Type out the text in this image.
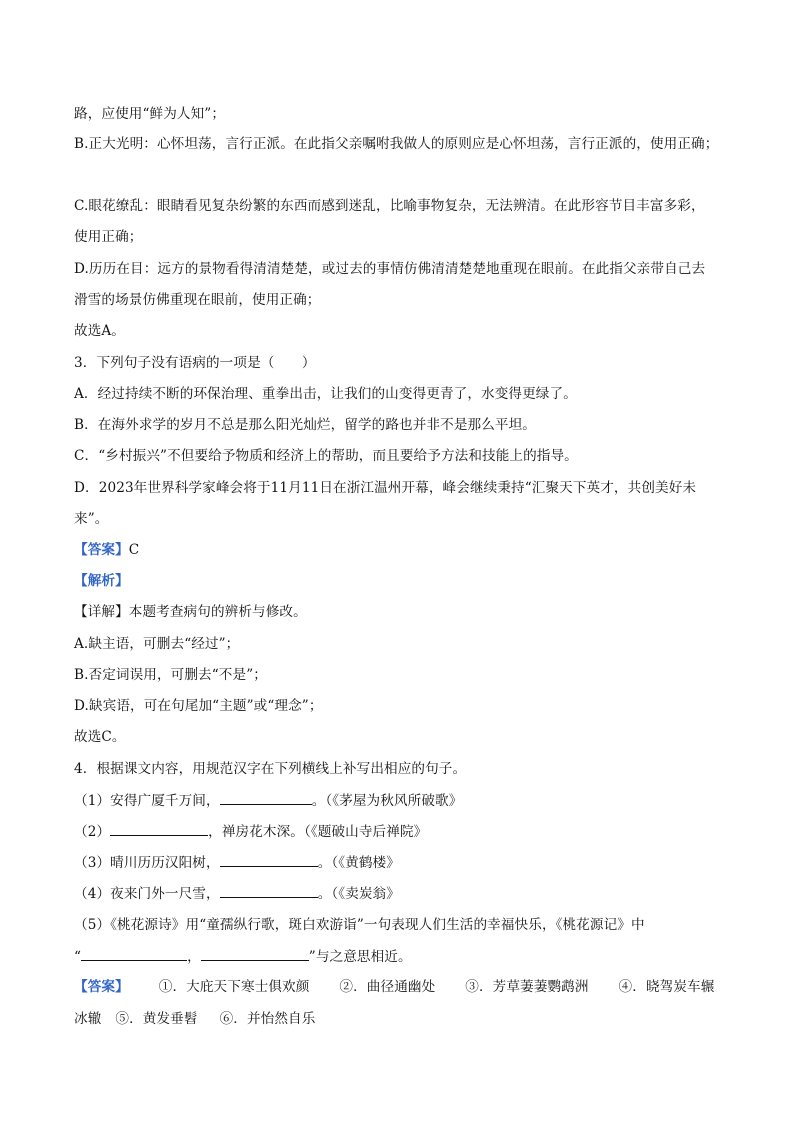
路，应使用“鲜为人知”；
B.正大光明：心怀坦荡，言行正派。在此指父亲嘱咐我做人的原则应是心怀坦荡，言行正派的，使用正确；
C.眼花缭乱：眼睛看见复杂纷繁的东西而感到迷乱，比喻事物复杂，无法辨清。在此形容节目丰富多彩，
使用正确；
D.历历在目：远方的景物看得清清楚楚，或过去的事情仿佛清清楚楚地重现在眼前。在此指父亲带自己去
滑雪的场景仿佛重现在眼前，使用正确；
故选A。
3．下列句子没有语病的一项是（　　）
A．经过持续不断的环保治理、重拳出击，让我们的山变得更青了，水变得更绿了。
B．在海外求学的岁月不总是那么阳光灿烂，留学的路也并非不是那么平坦。
C．“乡村振兴”不但要给予物质和经济上的帮助，而且要给予方法和技能上的指导。
D．2023年世界科学家峰会将于11月11日在浙江温州开幕，峰会继续秉持“汇聚天下英才，共创美好未
来”。
【答案】C
【解析】
【详解】本题考查病句的辨析与修改。
A.缺主语，可删去“经过”；
B.否定词误用，可删去“不是”；
D.缺宾语，可在句尾加“主题”或“理念”；
故选C。
4．根据课文内容，用规范汉字在下列横线上补写出相应的句子。
（1）安得广厦千万间，	。（《茅屋为秋风所破歌》
（2）	，禅房花木深。（《题破山寺后禅院》
（3）晴川历历汉阳树，	。（《黄鹤楼》
（4）夜来门外一尺雪，	。（《卖炭翁》
（5）《桃花源诗》用“童孺纵行歌，斑白欢游诣”一句表现人们生活的幸福快乐，《桃花源记》中
“	，	”与之意思相近。
【答案】 ①．大庇天下寒士俱欢颜 ②．曲径通幽处 ③．芳草萋萋鹦鹉洲 ④．晓驾炭车辗
冰辙 ⑤．黄发垂髫 ⑥．并怡然自乐
